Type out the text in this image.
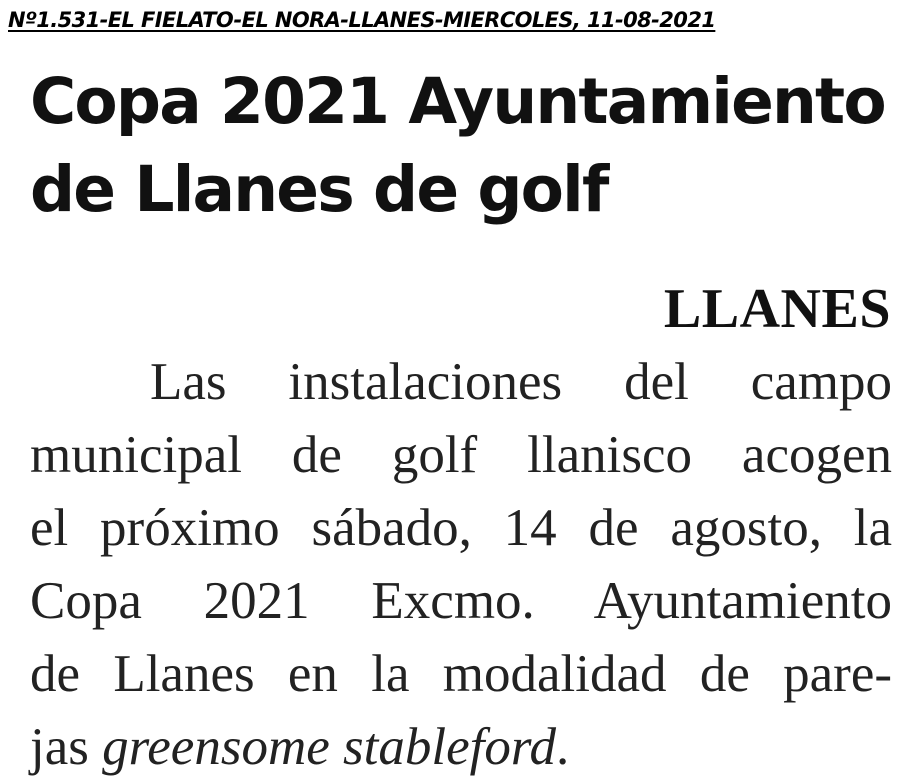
Nº1.531-EL FIELATO-EL NORA-LLANES-MIERCOLES, 11-08-2021
Copa 2021 Ayuntamiento
de Llanes de golf
LLANES
Las instalaciones del campo
municipal de golf llanisco acogen
el próximo sábado, 14 de agosto, la
Copa 2021 Excmo. Ayuntamiento
de Llanes en la modalidad de pare-
jas greensome stableford.
